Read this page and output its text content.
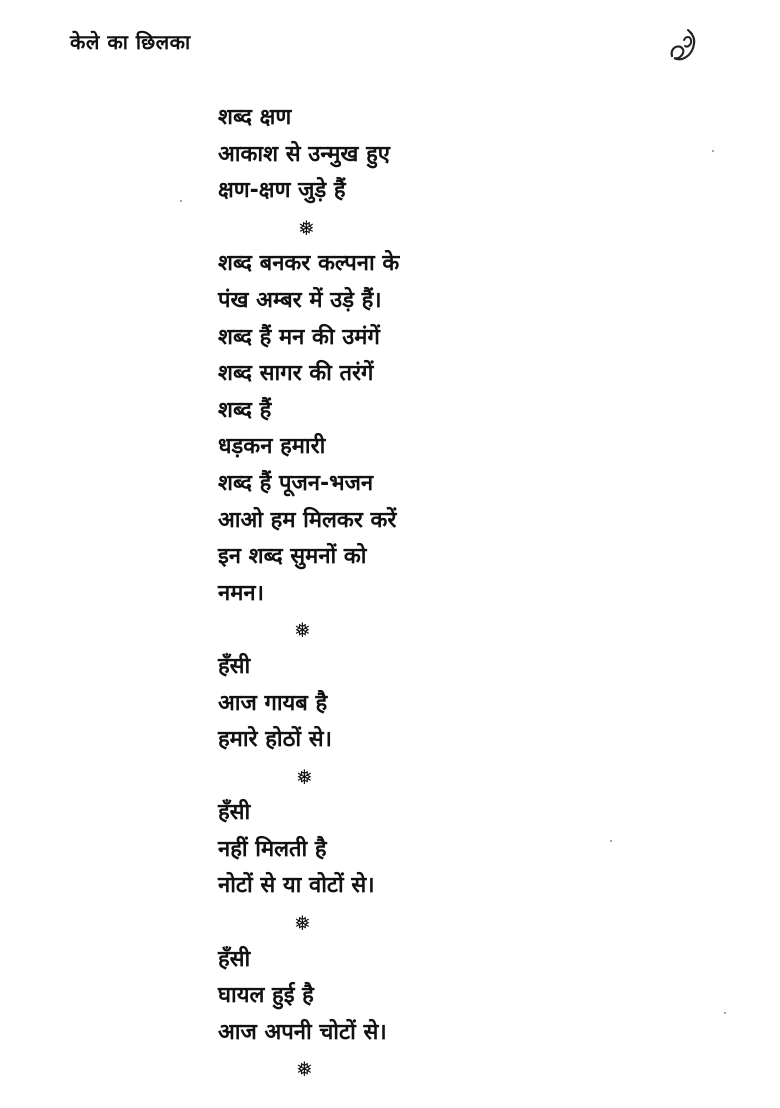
केले का छिलका
शब्द क्षण
आकाश से उन्मुख हुए
क्षण-क्षण जुड़े हैं
❅
शब्द बनकर कल्पना के
पंख अम्बर में उड़े हैं।
शब्द हैं मन की उमंगें
शब्द सागर की तरंगें
शब्द हैं
धड़कन हमारी
शब्द हैं पूजन-भजन
आओ हम मिलकर करें
इन शब्द सुमनों को
नमन।
❅
हँसी
आज गायब है
हमारे होठों से।
❅
हँसी
नहीं मिलती है
नोटों से या वोटों से।
❅
हँसी
घायल हुई है
आज अपनी चोटों से।
❅
